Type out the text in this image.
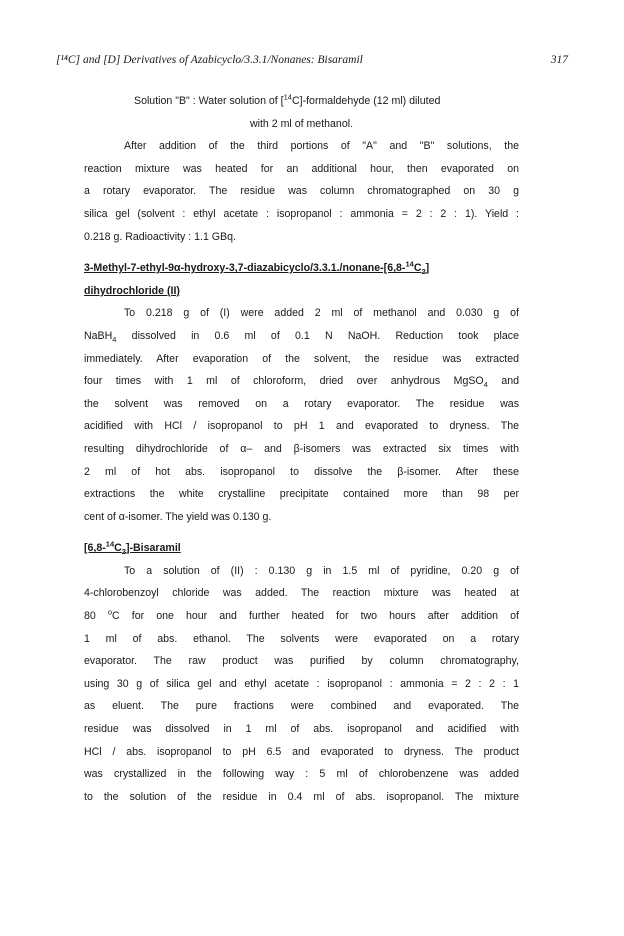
[¹⁴C] and [D] Derivatives of Azabicyclo/3.3.1/Nonanes: Bisaramil	317
Solution "B" : Water solution of [$^{14}$C]-formaldehyde (12 ml) diluted
with 2 ml of methanol.
After addition of the third portions of "A" and "B" solutions, the
reaction mixture was heated for an additional hour, then evaporated on
a rotary evaporator. The residue was column chromatographed on 30 g
silica gel (solvent : ethyl acetate : isopropanol : ammonia = 2 : 2 : 1). Yield :
0.218 g. Radioactivity : 1.1 GBq.
$3-Methyl-7-ethyl-9\alpha-hydroxy-3,7-diazabicyclo/3.3.1./nonane-[6,8-^{14}C_2]$
dihydrochloride (II)
To 0.218 g of (I) were added 2 ml of methanol and 0.030 g of
NaBH$_4$ dissolved in 0.6 ml of 0.1 N NaOH. Reduction took place
immediately. After evaporation of the solvent, the residue was extracted
four times with 1 ml of chloroform, dried over anhydrous MgSO$_4$ and
the solvent was removed on a rotary evaporator. The residue was
acidified with HCl / isopropanol to pH 1 and evaporated to dryness. The
resulting dihydrochloride of α– and β-isomers was extracted six times with
2 ml of hot abs. isopropanol to dissolve the β-isomer. After these
extractions the white crystalline precipitate contained more than 98 per
cent of α-isomer. The yield was 0.130 g.
$[6,8-^{14}C_2]$-Bisaramil
To a solution of (II) : 0.130 g in 1.5 ml of pyridine, 0.20 g of
4-chlorobenzoyl chloride was added. The reaction mixture was heated at
80 $^o$C for one hour and further heated for two hours after addition of
1 ml of abs. ethanol. The solvents were evaporated on a rotary
evaporator. The raw product was purified by column chromatography,
using 30 g of silica gel and ethyl acetate : isopropanol : ammonia = 2 : 2 : 1
as eluent. The pure fractions were combined and evaporated. The
residue was dissolved in 1 ml of abs. isopropanol and acidified with
HCl / abs. isopropanol to pH 6.5 and evaporated to dryness. The product
was crystallized in the following way : 5 ml of chlorobenzene was added
to the solution of the residue in 0.4 ml of abs. isopropanol. The mixture
